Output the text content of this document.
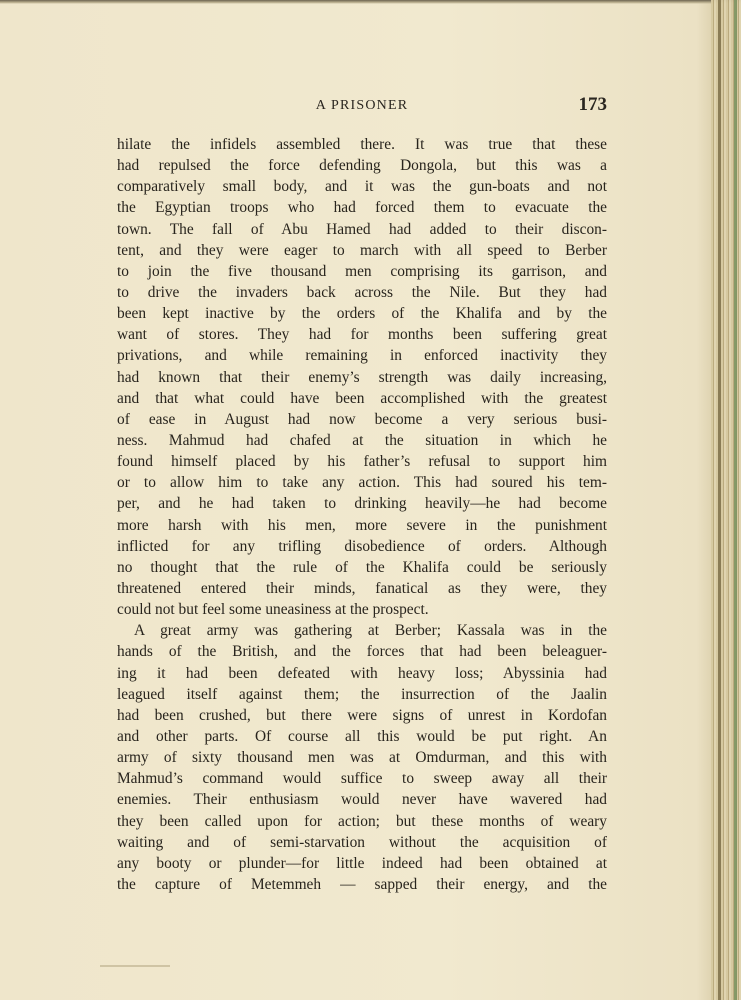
A PRISONER	173
hilate the infidels assembled there. It was true that these
had repulsed the force defending Dongola, but this was a
comparatively small body, and it was the gun-boats and not
the Egyptian troops who had forced them to evacuate the
town. The fall of Abu Hamed had added to their discon-
tent, and they were eager to march with all speed to Berber
to join the five thousand men comprising its garrison, and
to drive the invaders back across the Nile. But they had
been kept inactive by the orders of the Khalifa and by the
want of stores. They had for months been suffering great
privations, and while remaining in enforced inactivity they
had known that their enemy’s strength was daily increasing,
and that what could have been accomplished with the greatest
of ease in August had now become a very serious busi-
ness. Mahmud had chafed at the situation in which he
found himself placed by his father’s refusal to support him
or to allow him to take any action. This had soured his tem-
per, and he had taken to drinking heavily—he had become
more harsh with his men, more severe in the punishment
inflicted for any trifling disobedience of orders. Although
no thought that the rule of the Khalifa could be seriously
threatened entered their minds, fanatical as they were, they
could not but feel some uneasiness at the prospect.
A great army was gathering at Berber; Kassala was in the
hands of the British, and the forces that had been beleaguer-
ing it had been defeated with heavy loss; Abyssinia had
leagued itself against them; the insurrection of the Jaalin
had been crushed, but there were signs of unrest in Kordofan
and other parts. Of course all this would be put right. An
army of sixty thousand men was at Omdurman, and this with
Mahmud’s command would suffice to sweep away all their
enemies. Their enthusiasm would never have wavered had
they been called upon for action; but these months of weary
waiting and of semi-starvation without the acquisition of
any booty or plunder—for little indeed had been obtained at
the capture of Metemmeh — sapped their energy, and the
